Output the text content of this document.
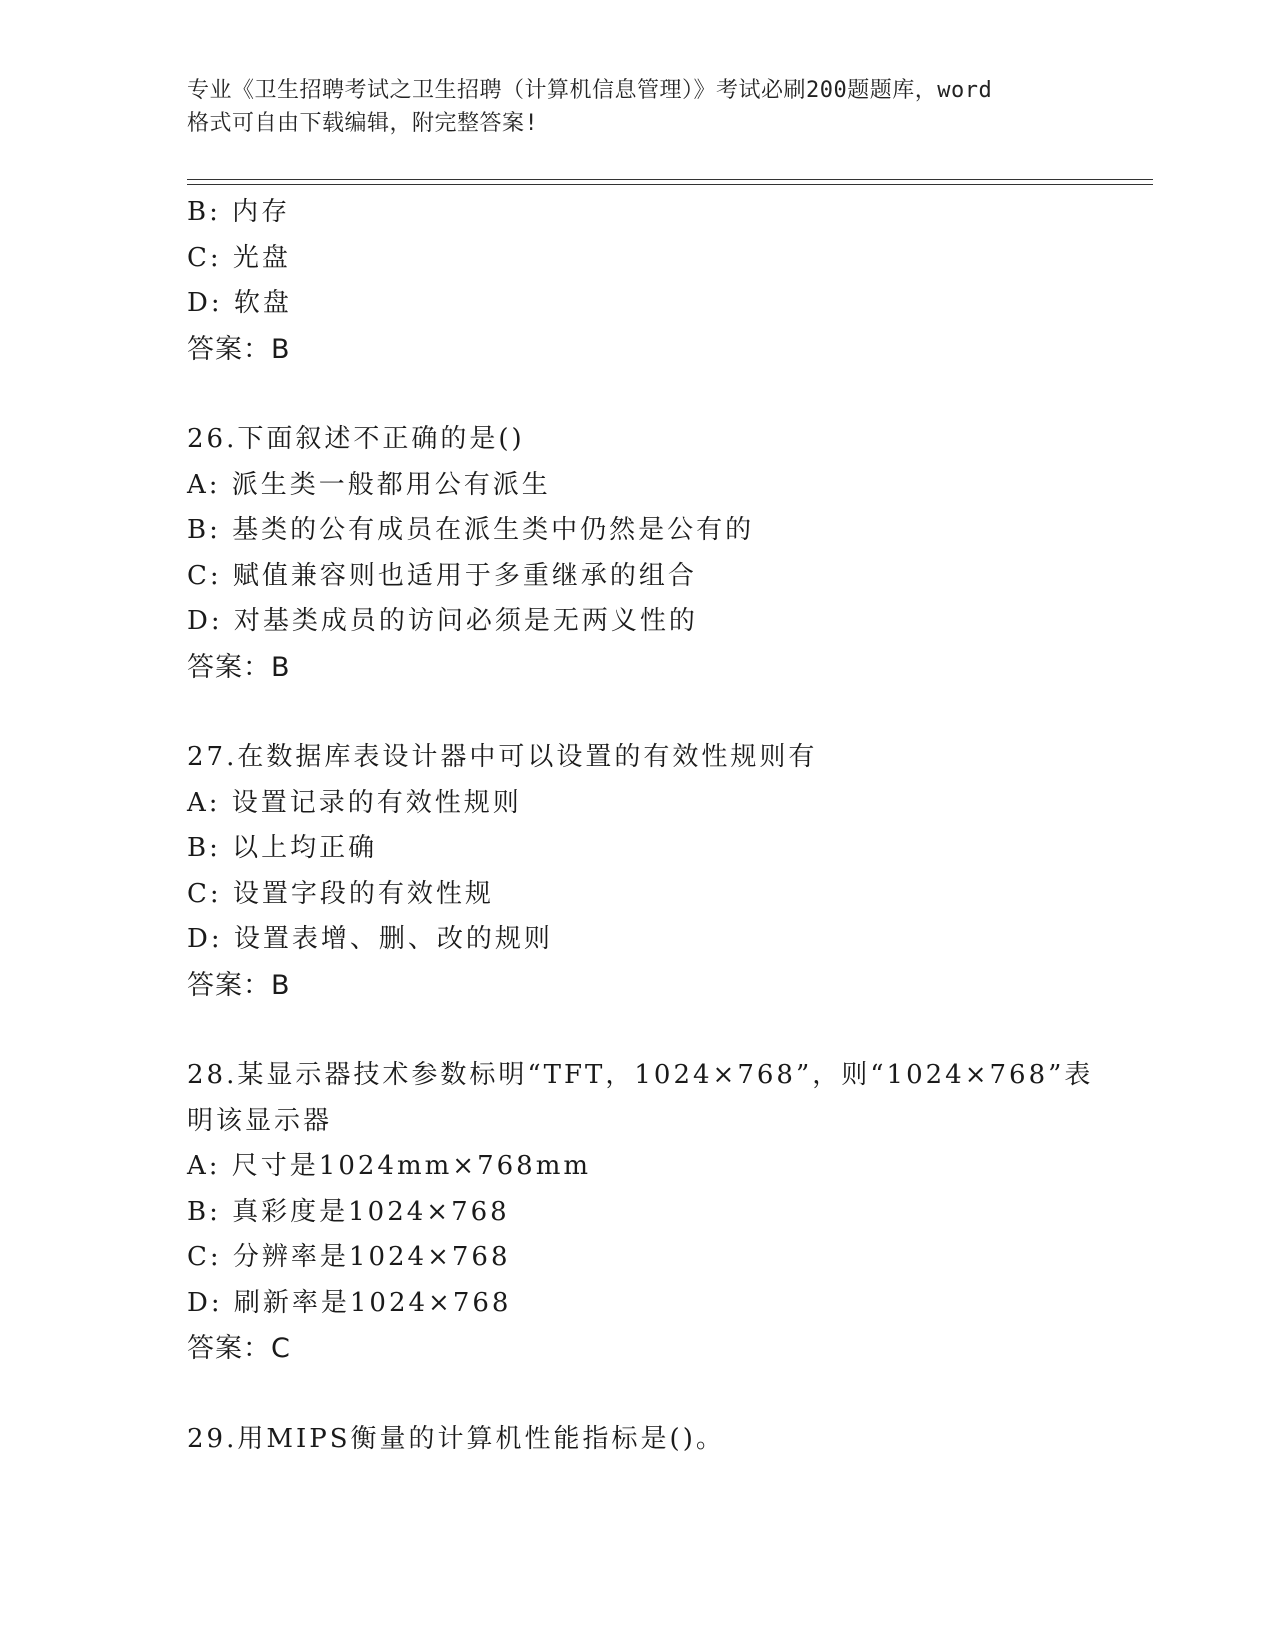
专业《卫生招聘考试之卫生招聘（计算机信息管理）》考试必刷200题题库，word
格式可自由下载编辑，附完整答案!
B: 内存
C: 光盘
D: 软盘
答案：B
26.下面叙述不正确的是()
A: 派生类一般都用公有派生
B: 基类的公有成员在派生类中仍然是公有的
C: 赋值兼容则也适用于多重继承的组合
D: 对基类成员的访问必须是无两义性的
答案：B
27.在数据库表设计器中可以设置的有效性规则有
A: 设置记录的有效性规则
B: 以上均正确
C: 设置字段的有效性规
D: 设置表增、删、改的规则
答案：B
28.某显示器技术参数标明“TFT，1024×768”，则“1024×768”表
明该显示器
A: 尺寸是1024mm×768mm
B: 真彩度是1024×768
C: 分辨率是1024×768
D: 刷新率是1024×768
答案：C
29.用MIPS衡量的计算机性能指标是()。
